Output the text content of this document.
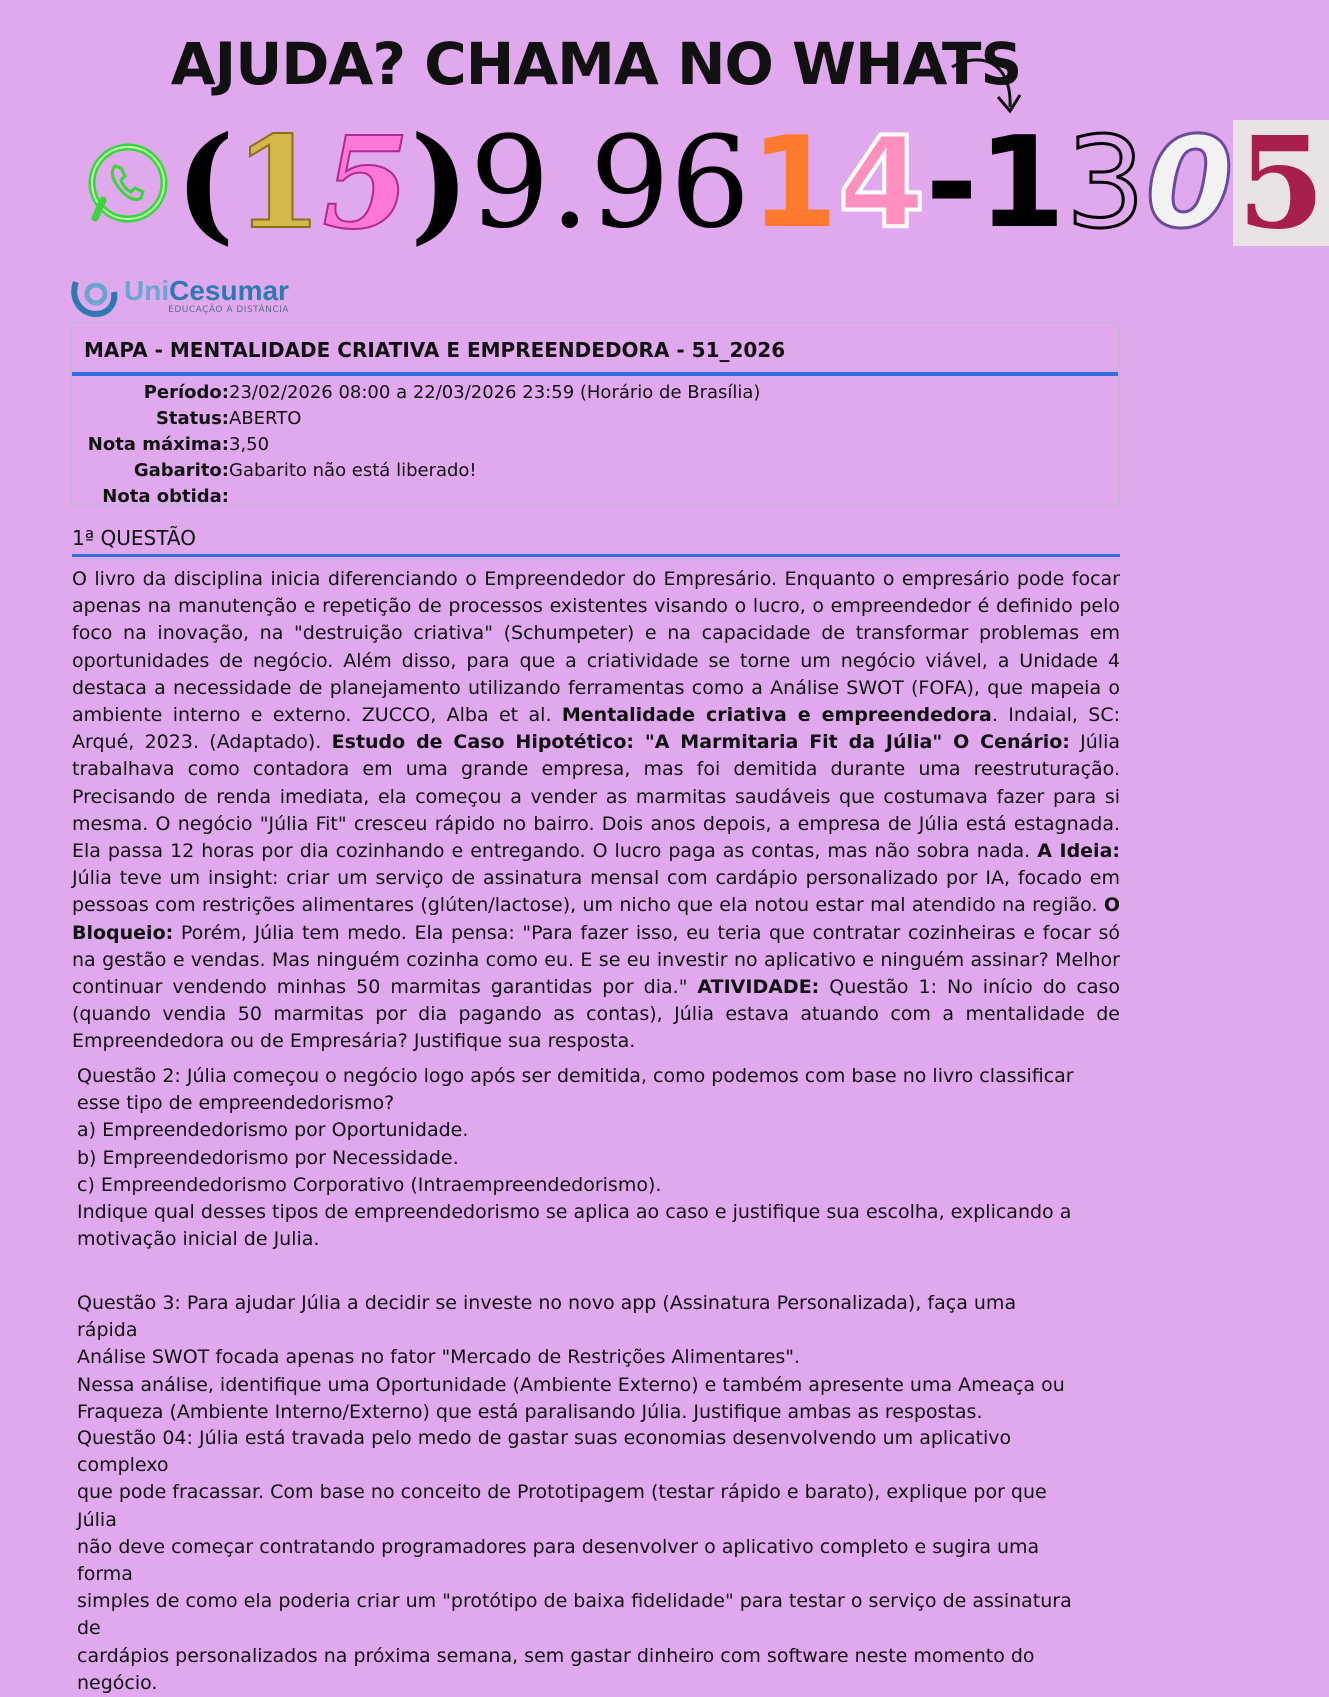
AJUDA? CHAMA NO WHATS
( 1 5 ) 9.96 1 4 -1 3 0 5
UniCesumar
EDUCAÇÃO A DISTÂNCIA
MAPA - MENTALIDADE CRIATIVA E EMPREENDEDORA - 51_2026
Período: 23/02/2026 08:00 a 22/03/2026 23:59 (Horário de Brasília)
Status: ABERTO
Nota máxima: 3,50
Gabarito: Gabarito não está liberado!
Nota obtida:
1ª QUESTÃO
O livro da disciplina inicia diferenciando o Empreendedor do Empresário. Enquanto o empresário pode focar apenas na manutenção e repetição de processos existentes visando o lucro, o empreendedor é definido pelo foco na inovação, na "destruição criativa" (Schumpeter) e na capacidade de transformar problemas em oportunidades de negócio. Além disso, para que a criatividade se torne um negócio viável, a Unidade 4 destaca a necessidade de planejamento utilizando ferramentas como a Análise SWOT (FOFA), que mapeia o ambiente interno e externo. ZUCCO, Alba et al. Mentalidade criativa e empreendedora. Indaial, SC: Arqué, 2023. (Adaptado). Estudo de Caso Hipotético: "A Marmitaria Fit da Júlia" O Cenário: Júlia trabalhava como contadora em uma grande empresa, mas foi demitida durante uma reestruturação. Precisando de renda imediata, ela começou a vender as marmitas saudáveis que costumava fazer para si mesma. O negócio "Júlia Fit" cresceu rápido no bairro. Dois anos depois, a empresa de Júlia está estagnada. Ela passa 12 horas por dia cozinhando e entregando. O lucro paga as contas, mas não sobra nada. A Ideia: Júlia teve um insight: criar um serviço de assinatura mensal com cardápio personalizado por IA, focado em pessoas com restrições alimentares (glúten/lactose), um nicho que ela notou estar mal atendido na região. O Bloqueio: Porém, Júlia tem medo. Ela pensa: "Para fazer isso, eu teria que contratar cozinheiras e focar só na gestão e vendas. Mas ninguém cozinha como eu. E se eu investir no aplicativo e ninguém assinar? Melhor continuar vendendo minhas 50 marmitas garantidas por dia." ATIVIDADE: Questão 1: No início do caso (quando vendia 50 marmitas por dia pagando as contas), Júlia estava atuando com a mentalidade de Empreendedora ou de Empresária? Justifique sua resposta.

Questão 2: Júlia começou o negócio logo após ser demitida, como podemos com base no livro classificar

esse tipo de empreendedorismo?

a) Empreendedorismo por Oportunidade.

b) Empreendedorismo por Necessidade.

c) Empreendedorismo Corporativo (Intraempreendedorismo).

Indique qual desses tipos de empreendedorismo se aplica ao caso e justifique sua escolha, explicando a

motivação inicial de Julia.

Questão 3: Para ajudar Júlia a decidir se investe no novo app (Assinatura Personalizada), faça uma rápida

Análise SWOT focada apenas no fator "Mercado de Restrições Alimentares".

Nessa análise, identifique uma Oportunidade (Ambiente Externo) e também apresente uma Ameaça ou

Fraqueza (Ambiente Interno/Externo) que está paralisando Júlia. Justifique ambas as respostas.

Questão 04: Júlia está travada pelo medo de gastar suas economias desenvolvendo um aplicativo complexo

que pode fracassar. Com base no conceito de Prototipagem (testar rápido e barato), explique por que Júlia

não deve começar contratando programadores para desenvolver o aplicativo completo e sugira uma forma

simples de como ela poderia criar um "protótipo de baixa fidelidade" para testar o serviço de assinatura de

cardápios personalizados na próxima semana, sem gastar dinheiro com software neste momento do

negócio.
